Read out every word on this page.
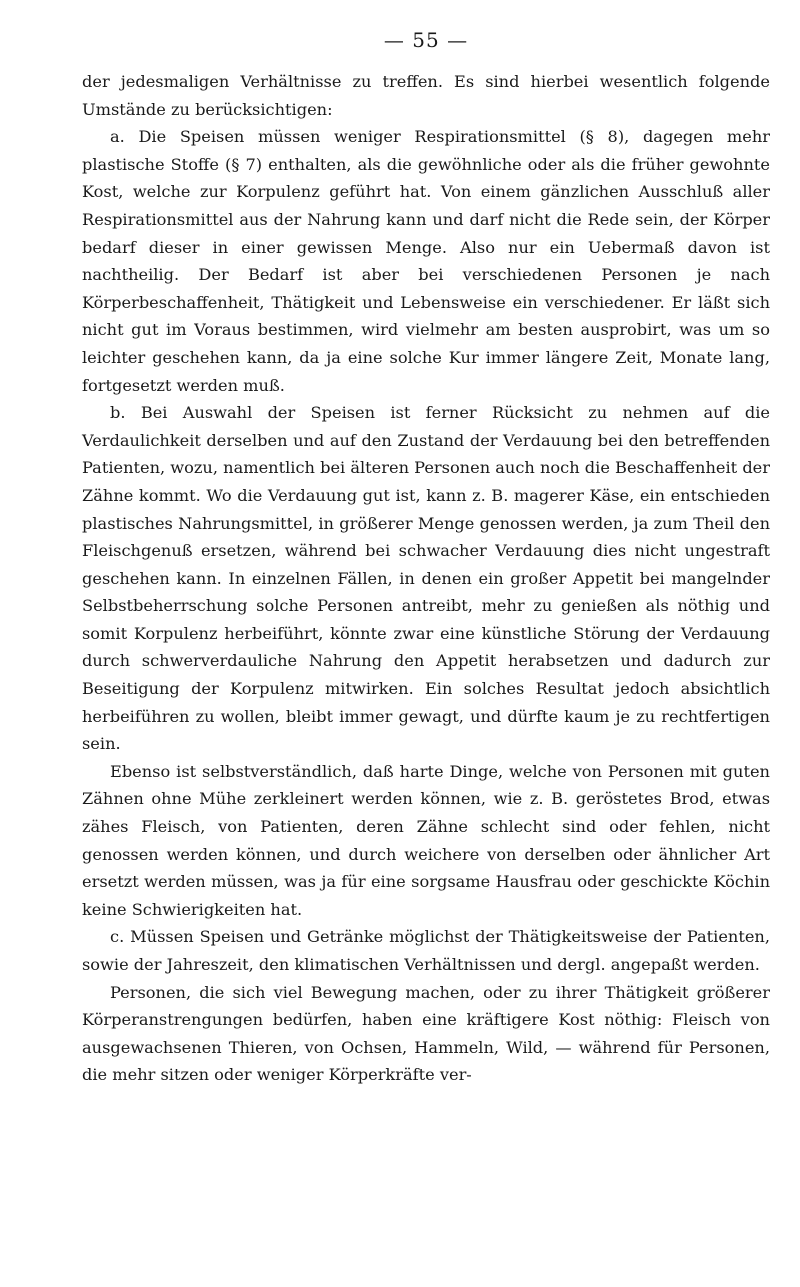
— 55 —

der jedesmaligen Verhältnisse zu treffen. Es sind hierbei wesentlich folgende Umstände zu berücksichtigen:

a. Die Speisen müssen weniger Respirationsmittel (§ 8), dagegen mehr plastische Stoffe (§ 7) enthalten, als die gewöhnliche oder als die früher gewohnte Kost, welche zur Korpulenz geführt hat. Von einem gänzlichen Ausschluß aller Respirationsmittel aus der Nahrung kann und darf nicht die Rede sein, der Körper bedarf dieser in einer gewissen Menge. Also nur ein Uebermaß davon ist nachtheilig. Der Bedarf ist aber bei verschiedenen Personen je nach Körperbeschaffenheit, Thätigkeit und Lebensweise ein verschiedener. Er läßt sich nicht gut im Voraus bestimmen, wird vielmehr am besten ausprobirt, was um so leichter geschehen kann, da ja eine solche Kur immer längere Zeit, Monate lang, fortgesetzt werden muß.

b. Bei Auswahl der Speisen ist ferner Rücksicht zu nehmen auf die Verdaulichkeit derselben und auf den Zustand der Verdauung bei den betreffenden Patienten, wozu, namentlich bei älteren Personen auch noch die Beschaffenheit der Zähne kommt. Wo die Verdauung gut ist, kann z. B. magerer Käse, ein entschieden plastisches Nahrungsmittel, in größerer Menge genossen werden, ja zum Theil den Fleischgenuß ersetzen, während bei schwacher Verdauung dies nicht ungestraft geschehen kann. In einzelnen Fällen, in denen ein großer Appetit bei mangelnder Selbstbeherrschung solche Personen antreibt, mehr zu genießen als nöthig und somit Korpulenz herbeiführt, könnte zwar eine künstliche Störung der Verdauung durch schwerverdauliche Nahrung den Appetit herabsetzen und dadurch zur Beseitigung der Korpulenz mitwirken. Ein solches Resultat jedoch absichtlich herbeiführen zu wollen, bleibt immer gewagt, und dürfte kaum je zu rechtfertigen sein.

Ebenso ist selbstverständlich, daß harte Dinge, welche von Personen mit guten Zähnen ohne Mühe zerkleinert werden können, wie z. B. geröstetes Brod, etwas zähes Fleisch, von Patienten, deren Zähne schlecht sind oder fehlen, nicht genossen werden können, und durch weichere von derselben oder ähnlicher Art ersetzt werden müssen, was ja für eine sorgsame Hausfrau oder geschickte Köchin keine Schwierigkeiten hat.

c. Müssen Speisen und Getränke möglichst der Thätigkeitsweise der Patienten, sowie der Jahreszeit, den klimatischen Verhältnissen und dergl. angepaßt werden.

Personen, die sich viel Bewegung machen, oder zu ihrer Thätigkeit größerer Körperanstrengungen bedürfen, haben eine kräftigere Kost nöthig: Fleisch von ausgewachsenen Thieren, von Ochsen, Hammeln, Wild, — während für Personen, die mehr sitzen oder weniger Körperkräfte ver-
